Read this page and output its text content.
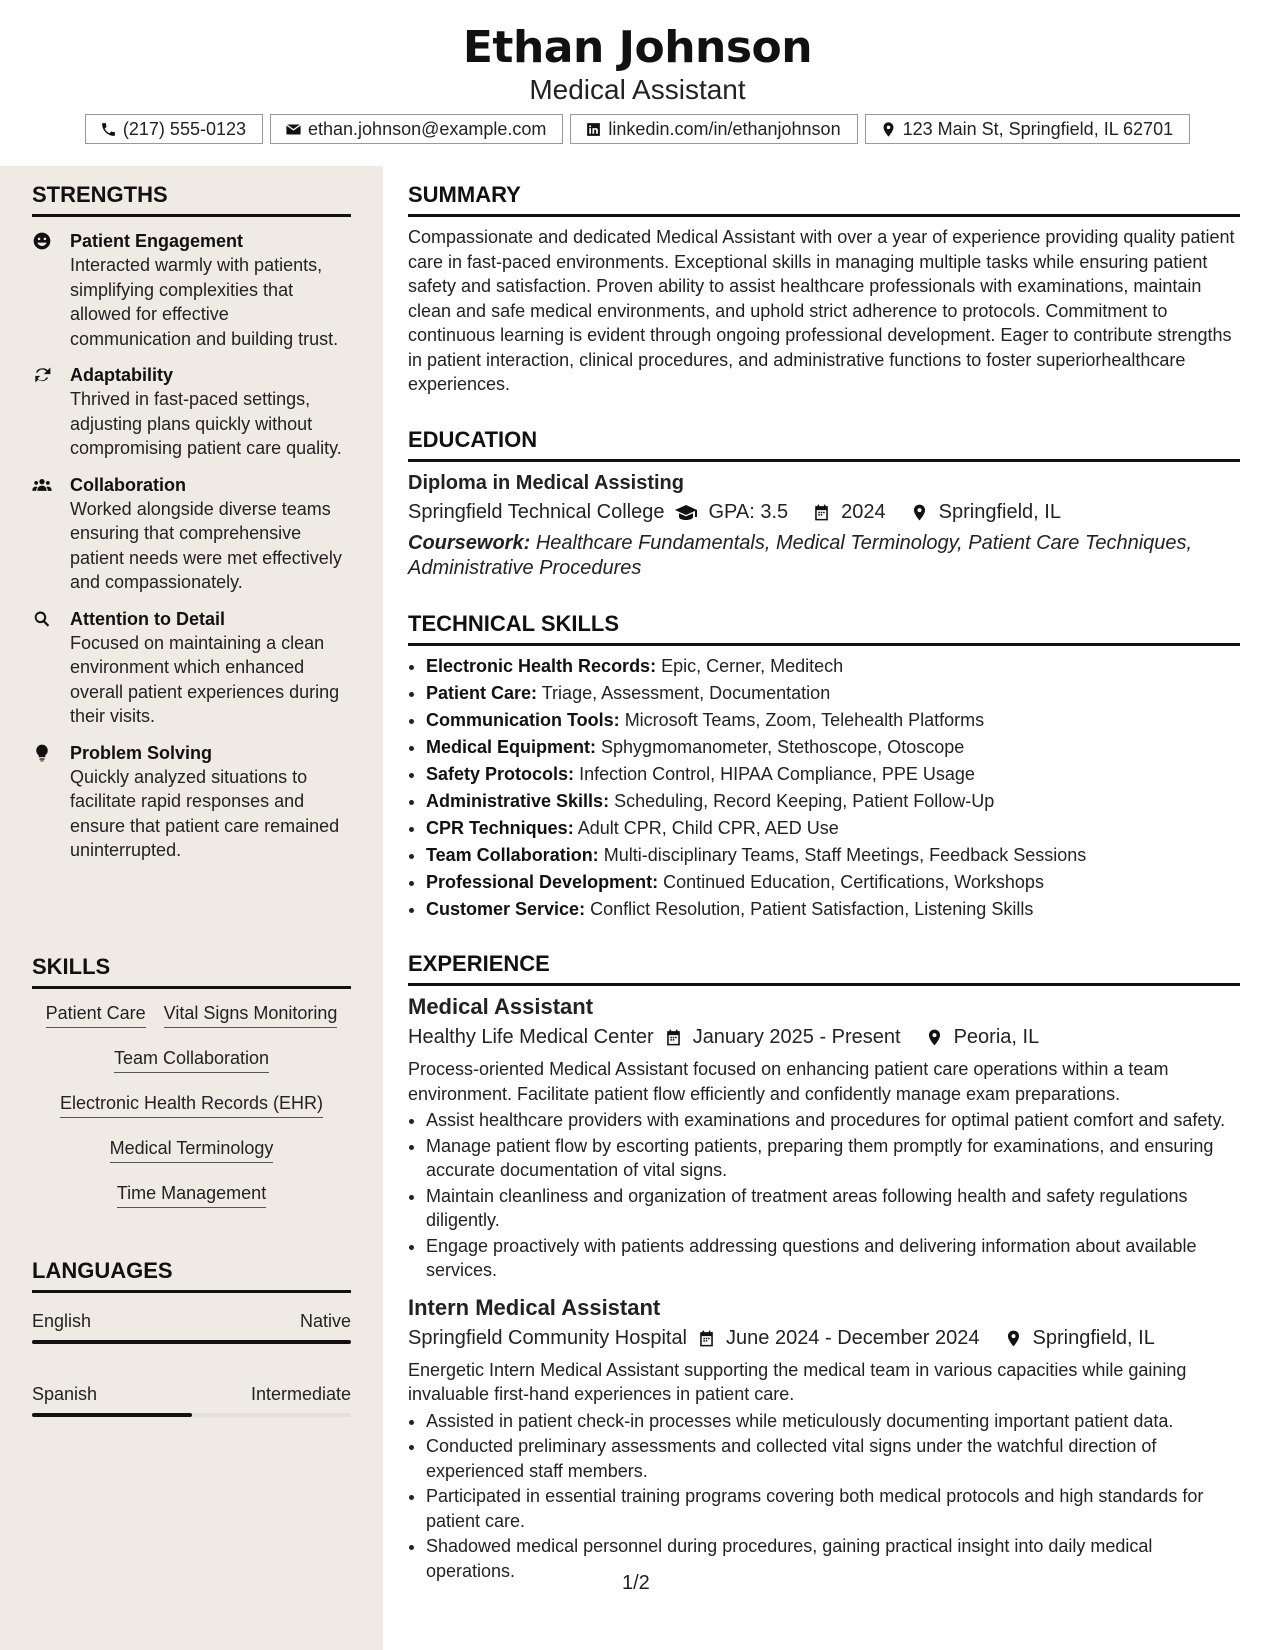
Ethan Johnson
Medical Assistant
(217) 555-0123	ethan.johnson@example.com	linkedin.com/in/ethanjohnson	123 Main St, Springfield, IL 62701
STRENGTHS
Patient Engagement
Interacted warmly with patients, simplifying complexities that allowed for effective communication and building trust.
Adaptability
Thrived in fast-paced settings, adjusting plans quickly without compromising patient care quality.
Collaboration
Worked alongside diverse teams ensuring that comprehensive patient needs were met effectively and compassionately.
Attention to Detail
Focused on maintaining a clean environment which enhanced overall patient experiences during their visits.
Problem Solving
Quickly analyzed situations to facilitate rapid responses and ensure that patient care remained uninterrupted.
SKILLS
Patient Care Vital Signs Monitoring
Team Collaboration
Electronic Health Records (EHR)
Medical Terminology
Time Management
LANGUAGES
English	Native
Spanish	Intermediate
SUMMARY
Compassionate and dedicated Medical Assistant with over a year of experience providing quality patient care in fast-paced environments. Exceptional skills in managing multiple tasks while ensuring patient safety and satisfaction. Proven ability to assist healthcare professionals with examinations, maintain clean and safe medical environments, and uphold strict adherence to protocols. Commitment to continuous learning is evident through ongoing professional development. Eager to contribute strengths in patient interaction, clinical procedures, and administrative functions to foster superiorhealthcare experiences.
EDUCATION
Diploma in Medical Assisting
Springfield Technical College GPA: 3.5	2024	Springfield, IL
Coursework: Healthcare Fundamentals, Medical Terminology, Patient Care Techniques, Administrative Procedures
TECHNICAL SKILLS
• Electronic Health Records: Epic, Cerner, Meditech
• Patient Care: Triage, Assessment, Documentation
• Communication Tools: Microsoft Teams, Zoom, Telehealth Platforms
• Medical Equipment: Sphygmomanometer, Stethoscope, Otoscope
• Safety Protocols: Infection Control, HIPAA Compliance, PPE Usage
• Administrative Skills: Scheduling, Record Keeping, Patient Follow-Up
• CPR Techniques: Adult CPR, Child CPR, AED Use
• Team Collaboration: Multi-disciplinary Teams, Staff Meetings, Feedback Sessions
• Professional Development: Continued Education, Certifications, Workshops
• Customer Service: Conflict Resolution, Patient Satisfaction, Listening Skills
EXPERIENCE
Medical Assistant
Healthy Life Medical Center January 2025 - Present	Peoria, IL
Process-oriented Medical Assistant focused on enhancing patient care operations within a team environment. Facilitate patient flow efficiently and confidently manage exam preparations.
• Assist healthcare providers with examinations and procedures for optimal patient comfort and safety.
• Manage patient flow by escorting patients, preparing them promptly for examinations, and ensuring accurate documentation of vital signs.
• Maintain cleanliness and organization of treatment areas following health and safety regulations diligently.
• Engage proactively with patients addressing questions and delivering information about available services.
Intern Medical Assistant
Springfield Community Hospital June 2024 - December 2024	Springfield, IL
Energetic Intern Medical Assistant supporting the medical team in various capacities while gaining invaluable first-hand experiences in patient care.
• Assisted in patient check-in processes while meticulously documenting important patient data.
• Conducted preliminary assessments and collected vital signs under the watchful direction of experienced staff members.
• Participated in essential training programs covering both medical protocols and high standards for patient care.
• Shadowed medical personnel during procedures, gaining practical insight into daily medical operations.
1/2
